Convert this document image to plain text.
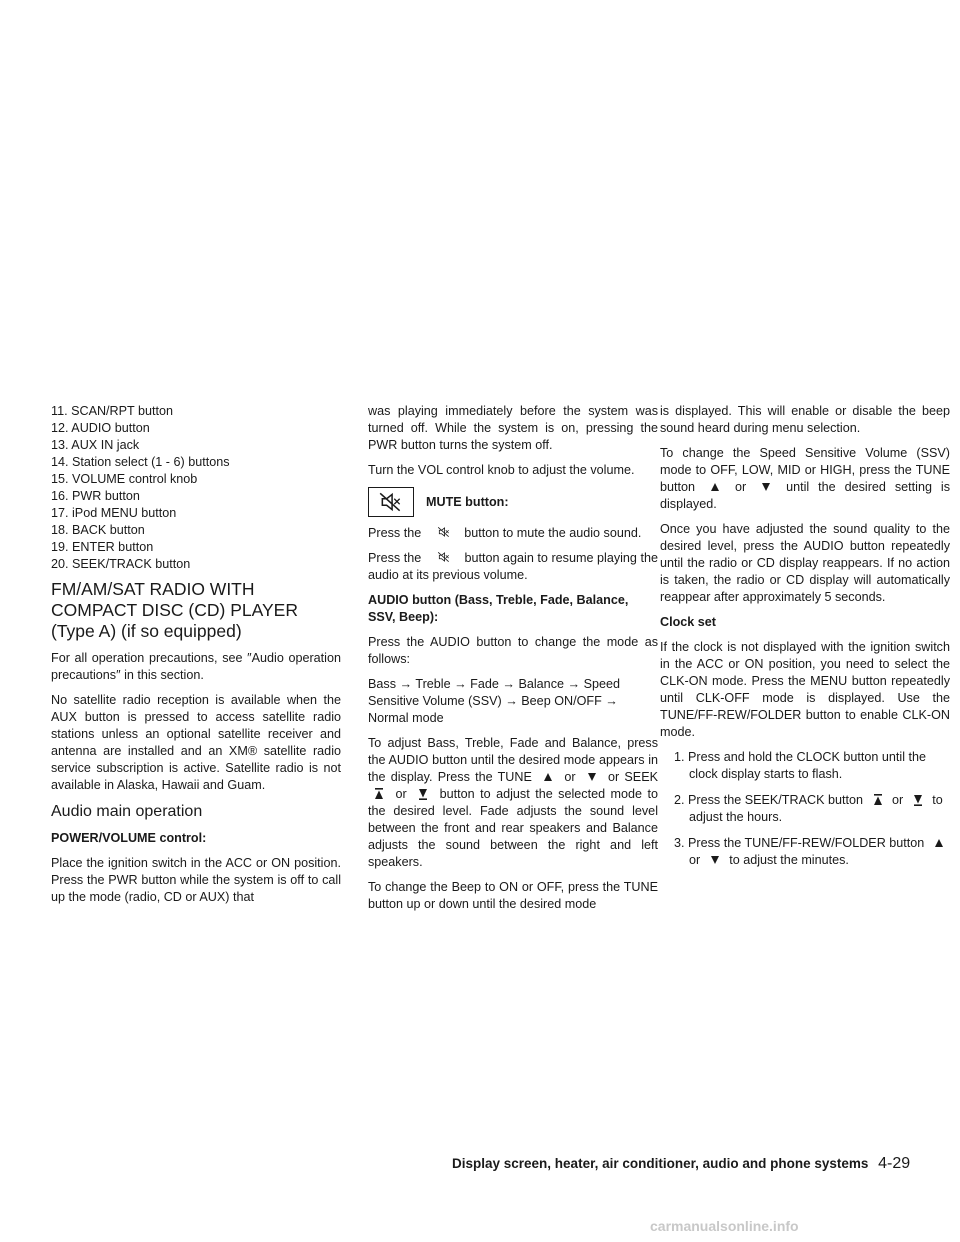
11. SCAN/RPT button

12. AUDIO button

13. AUX IN jack

14. Station select (1 - 6) buttons

15. VOLUME control knob

16. PWR button

17. iPod MENU button

18. BACK button

19. ENTER button

20. SEEK/TRACK button

FM/AM/SAT RADIO WITH COMPACT DISC (CD) PLAYER (Type A) (if so equipped)

For all operation precautions, see ″Audio operation precautions″ in this section.

No satellite radio reception is available when the AUX button is pressed to access satellite radio stations unless an optional satellite receiver and antenna are installed and an XM® satellite radio service subscription is active. Satellite radio is not available in Alaska, Hawaii and Guam.

Audio main operation

POWER/VOLUME control:

Place the ignition switch in the ACC or ON position. Press the PWR button while the system is off to call up the mode (radio, CD or AUX) that

was playing immediately before the system was turned off. While the system is on, pressing the PWR button turns the system off.

Turn the VOL control knob to adjust the volume.

MUTE button:

Press the	button to mute the audio sound.

Press the	button again to resume playing the audio at its previous volume.

AUDIO button (Bass, Treble, Fade, Balance, SSV, Beep):

Press the AUDIO button to change the mode as follows:

Bass → Treble → Fade → Balance → Speed Sensitive Volume (SSV) → Beep ON/OFF → Normal mode

To adjust Bass, Treble, Fade and Balance, press the AUDIO button until the desired mode appears in the display. Press the TUNE	or	or SEEK  or	button to adjust the selected mode to the desired level. Fade adjusts the sound level between the front and rear speakers and Balance adjusts the sound between the right and left speakers.

To change the Beep to ON or OFF, press the TUNE button up or down until the desired mode

is displayed. This will enable or disable the beep sound heard during menu selection.

To change the Speed Sensitive Volume (SSV) mode to OFF, LOW, MID or HIGH, press the TUNE button	or	until the desired setting is displayed.

Once you have adjusted the sound quality to the desired level, press the AUDIO button repeatedly until the radio or CD display reappears. If no action is taken, the radio or CD display will automatically reappear after approximately 5 seconds.

Clock set

If the clock is not displayed with the ignition switch in the ACC or ON position, you need to select the CLK-ON mode. Press the MENU button repeatedly until CLK-OFF mode is displayed. Use the TUNE/FF-REW/FOLDER button to enable CLK-ON mode.

1. Press and hold the CLOCK button until the clock display starts to flash.

2. Press the SEEK/TRACK button or to adjust the hours.

3. Press the TUNE/FF-REW/FOLDER button  or to adjust the minutes.

Display screen, heater, air conditioner, audio and phone systems 4-29
carmanualsonline.info
